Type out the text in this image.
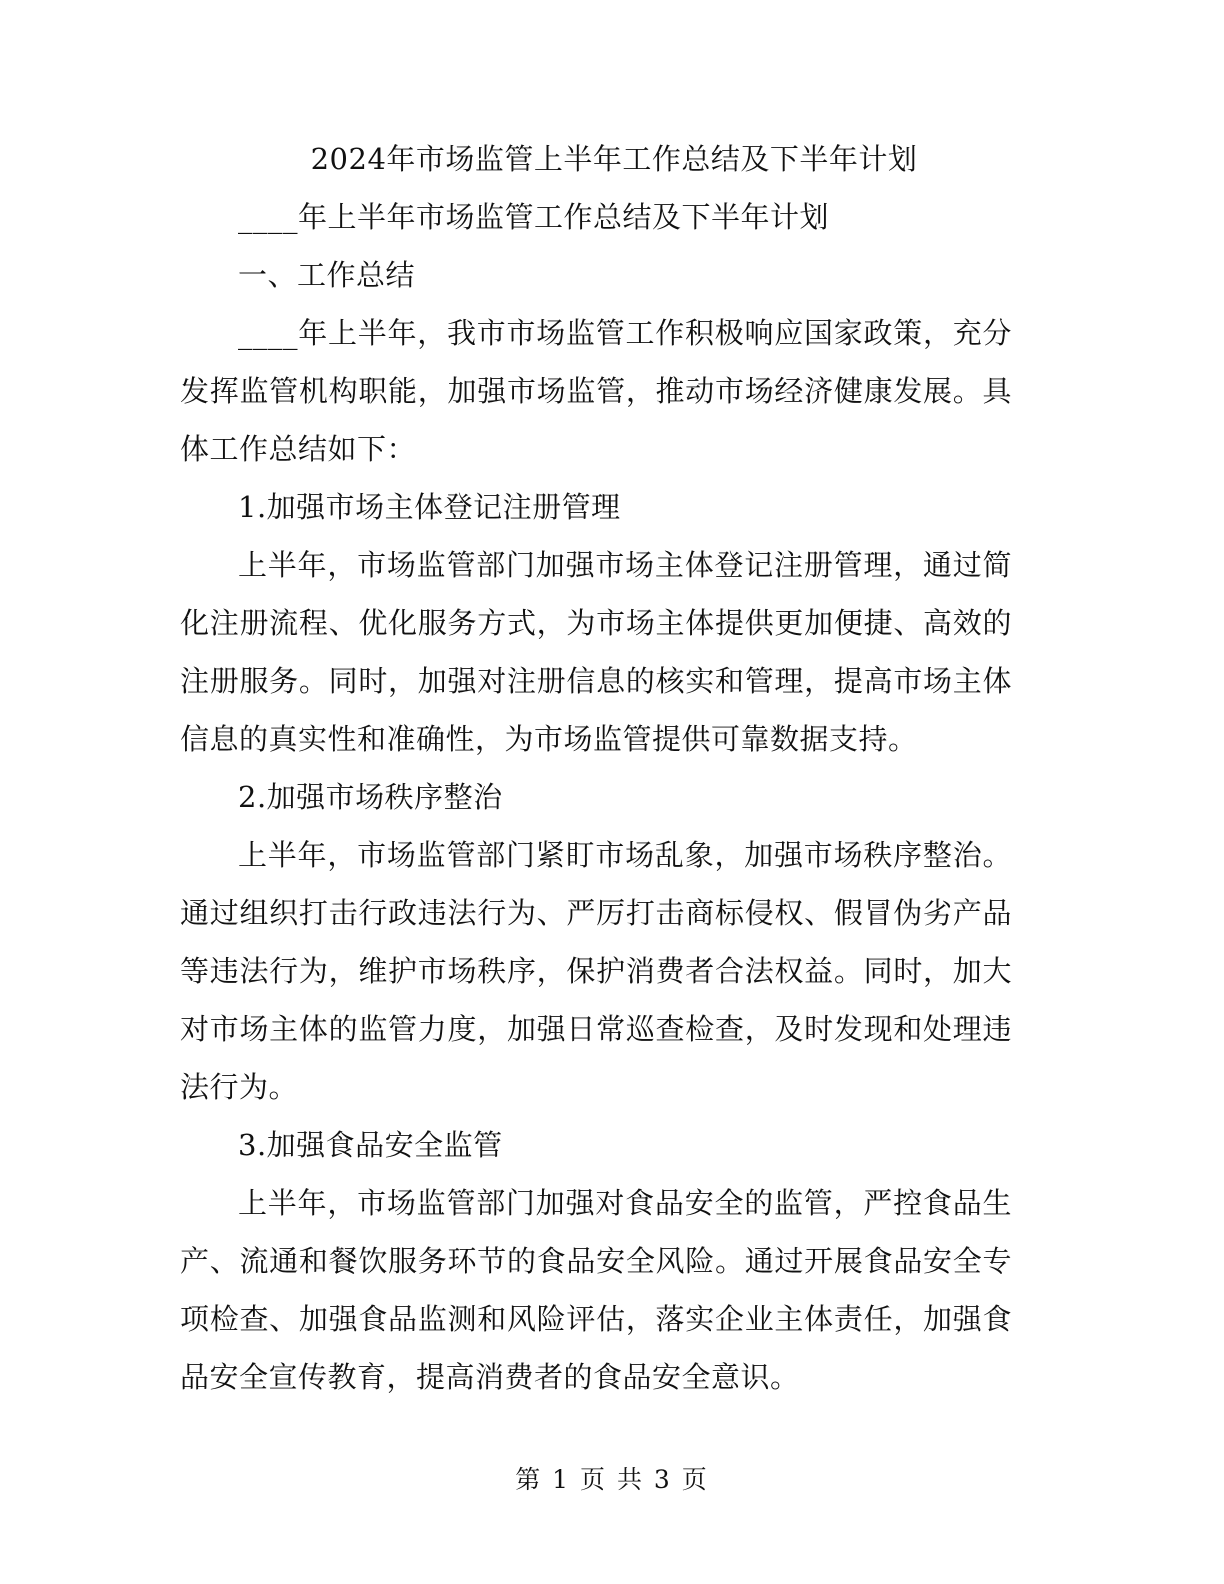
2024年市场监管上半年工作总结及下半年计划

____年上半年市场监管工作总结及下半年计划

一、工作总结

____年上半年，我市市场监管工作积极响应国家政策，充分发挥监管机构职能，加强市场监管，推动市场经济健康发展。具体工作总结如下：

1.加强市场主体登记注册管理

上半年，市场监管部门加强市场主体登记注册管理，通过简化注册流程、优化服务方式，为市场主体提供更加便捷、高效的注册服务。同时，加强对注册信息的核实和管理，提高市场主体信息的真实性和准确性，为市场监管提供可靠数据支持。

2.加强市场秩序整治

上半年，市场监管部门紧盯市场乱象，加强市场秩序整治。通过组织打击行政违法行为、严厉打击商标侵权、假冒伪劣产品等违法行为，维护市场秩序，保护消费者合法权益。同时，加大对市场主体的监管力度，加强日常巡查检查，及时发现和处理违法行为。

3.加强食品安全监管

上半年，市场监管部门加强对食品安全的监管，严控食品生产、流通和餐饮服务环节的食品安全风险。通过开展食品安全专项检查、加强食品监测和风险评估，落实企业主体责任，加强食品安全宣传教育，提高消费者的食品安全意识。

第 1 页 共 3 页
